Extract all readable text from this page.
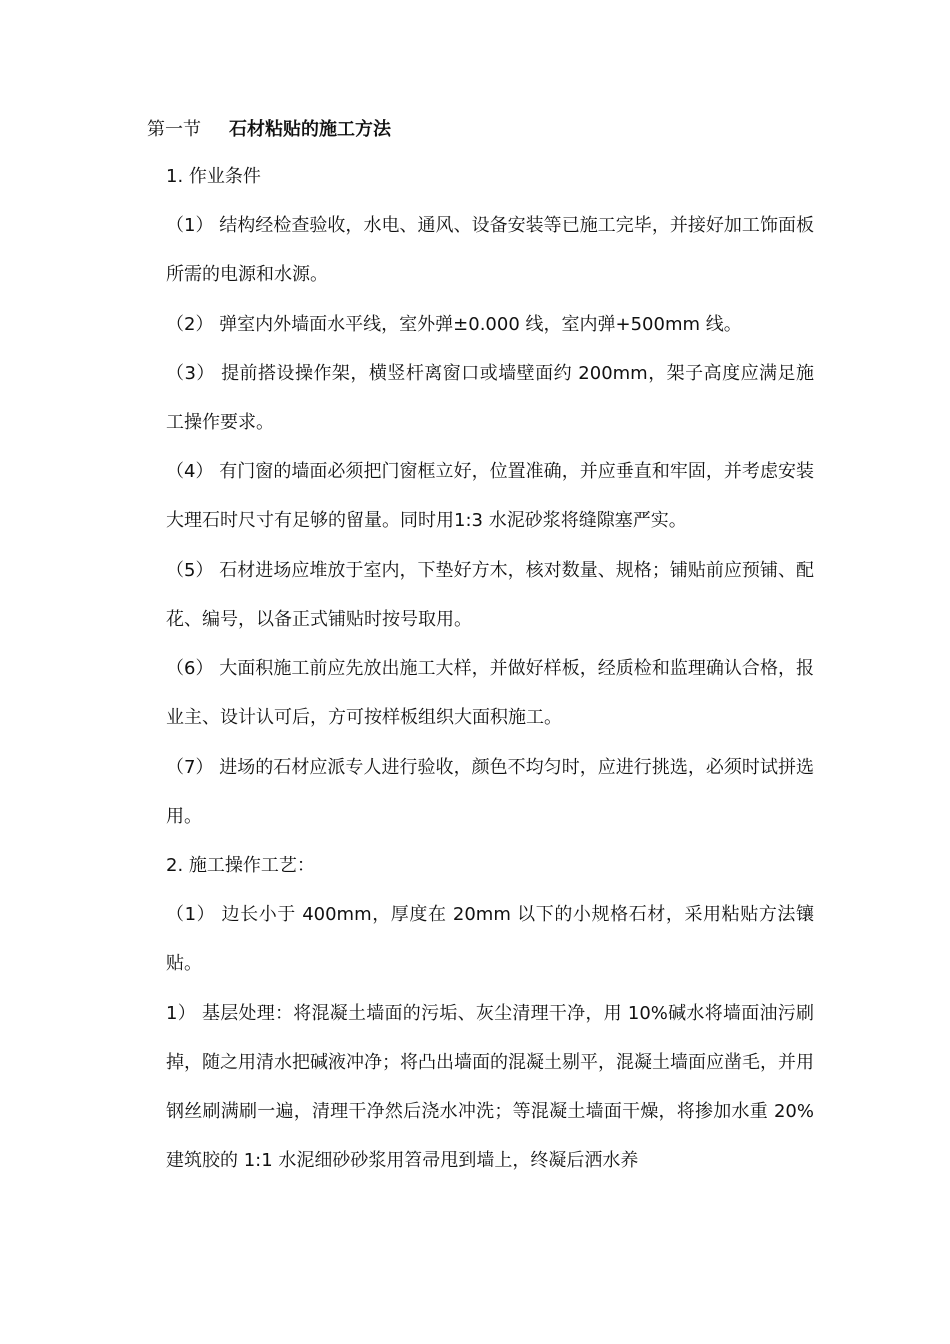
第一节 石材粘贴的施工方法
1. 作业条件
（1） 结构经检查验收，水电、通风、设备安装等已施工完毕，并接好加工饰面板所需的电源和水源。
（2） 弹室内外墙面水平线，室外弹±0.000 线，室内弹+500mm 线。
（3） 提前搭设操作架，横竖杆离窗口或墙壁面约 200mm，架子高度应满足施工操作要求。
（4） 有门窗的墙面必须把门窗框立好，位置准确，并应垂直和牢固，并考虑安装大理石时尺寸有足够的留量。同时用1:3 水泥砂浆将缝隙塞严实。
（5） 石材进场应堆放于室内，下垫好方木，核对数量、规格；铺贴前应预铺、配花、编号，以备正式铺贴时按号取用。
（6） 大面积施工前应先放出施工大样，并做好样板，经质检和监理确认合格，报业主、设计认可后，方可按样板组织大面积施工。
（7） 进场的石材应派专人进行验收，颜色不均匀时，应进行挑选，必须时试拼选用。
2. 施工操作工艺：
（1） 边长小于 400mm，厚度在 20mm 以下的小规格石材，采用粘贴方法镶贴。
1） 基层处理：将混凝土墙面的污垢、灰尘清理干净，用 10%碱水将墙面油污刷掉，随之用清水把碱液冲净；将凸出墙面的混凝土剔平，混凝土墙面应凿毛，并用钢丝刷满刷一遍，清理干净然后浇水冲洗；等混凝土墙面干燥，将掺加水重 20%建筑胶的 1:1 水泥细砂砂浆用笤帚甩到墙上，终凝后洒水养
